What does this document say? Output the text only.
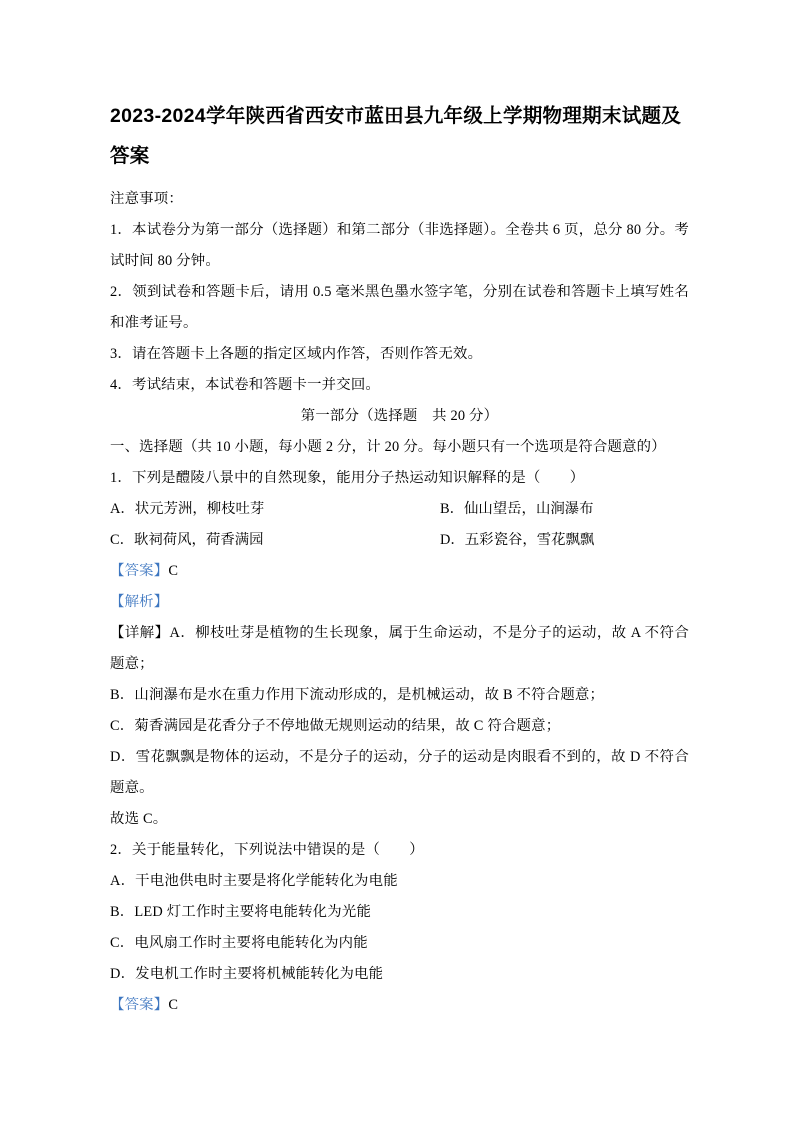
2023-2024学年陕西省西安市蓝田县九年级上学期物理期末试题及答案

注意事项：

1．本试卷分为第一部分（选择题）和第二部分（非选择题）。全卷共 6 页，总分 80 分。考试时间 80 分钟。

2．领到试卷和答题卡后，请用 0.5 毫米黑色墨水签字笔，分别在试卷和答题卡上填写姓名和准考证号。

3．请在答题卡上各题的指定区域内作答，否则作答无效。

4．考试结束，本试卷和答题卡一并交回。

第一部分（选择题　共 20 分）

一、选择题（共 10 小题，每小题 2 分，计 20 分。每小题只有一个选项是符合题意的）

1．下列是醴陵八景中的自然现象，能用分子热运动知识解释的是（　　）

A．状元芳洲，柳枝吐芽	B．仙山望岳，山涧瀑布
C．耿祠荷风，荷香满园	D．五彩瓷谷，雪花飘飘

【答案】C

【解析】

【详解】A．柳枝吐芽是植物的生长现象，属于生命运动，不是分子的运动，故 A 不符合题意；

B．山涧瀑布是水在重力作用下流动形成的，是机械运动，故 B 不符合题意；

C．菊香满园是花香分子不停地做无规则运动的结果，故 C 符合题意；

D．雪花飘飘是物体的运动，不是分子的运动，分子的运动是肉眼看不到的，故 D 不符合题意。

故选 C。

2．关于能量转化，下列说法中错误的是（　　）

A．干电池供电时主要是将化学能转化为电能

B．LED 灯工作时主要将电能转化为光能

C．电风扇工作时主要将电能转化为内能

D．发电机工作时主要将机械能转化为电能

【答案】C
